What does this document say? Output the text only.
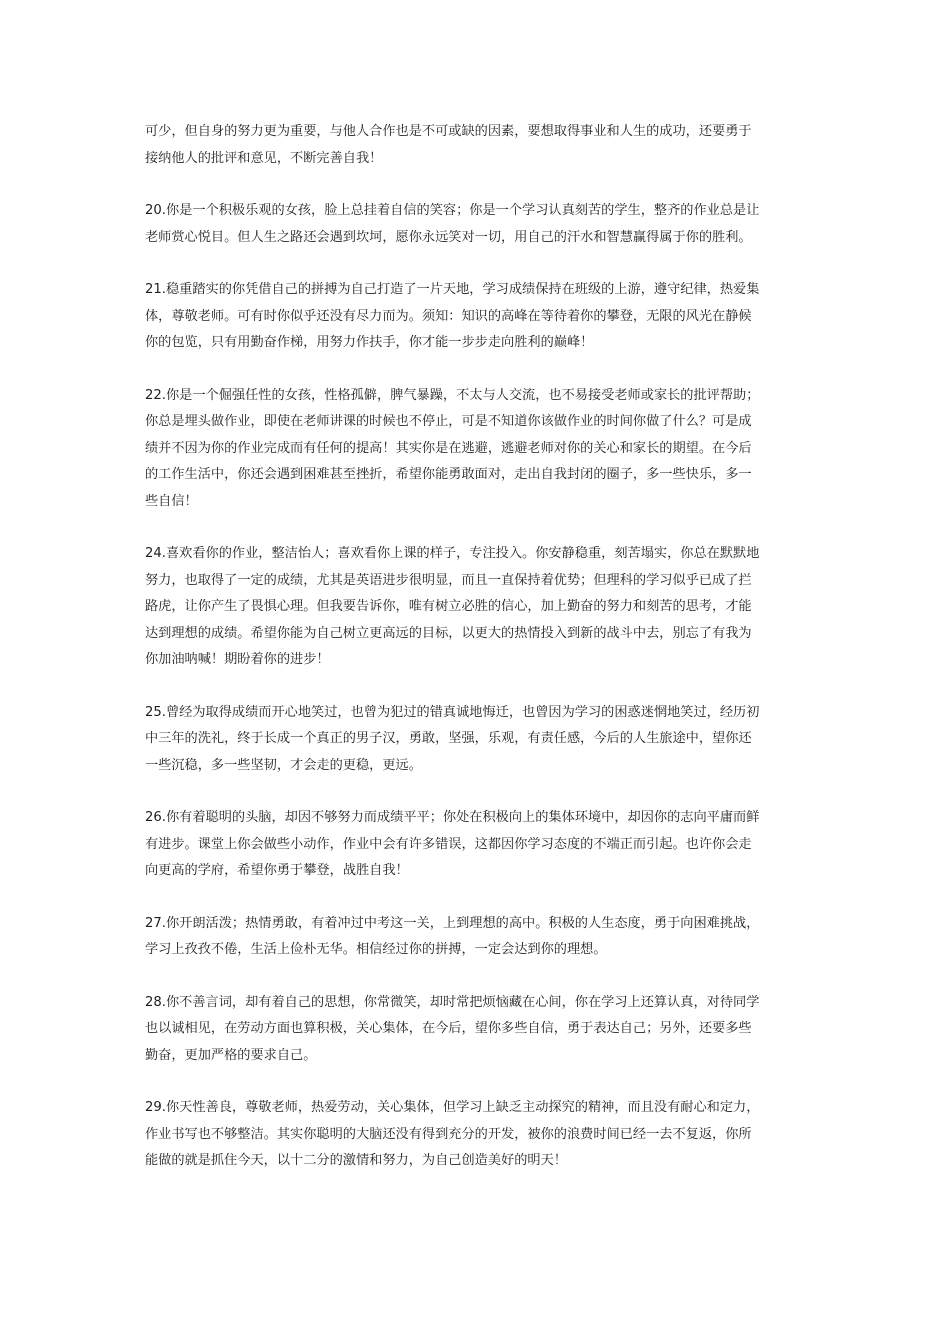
可少，但自身的努力更为重要，与他人合作也是不可或缺的因素，要想取得事业和人生的成功，还要勇于
接纳他人的批评和意见，不断完善自我！
20.你是一个积极乐观的女孩，脸上总挂着自信的笑容；你是一个学习认真刻苦的学生，整齐的作业总是让
老师赏心悦目。但人生之路还会遇到坎坷，愿你永远笑对一切，用自己的汗水和智慧赢得属于你的胜利。
21.稳重踏实的你凭借自己的拼搏为自己打造了一片天地，学习成绩保持在班级的上游，遵守纪律，热爱集
体，尊敬老师。可有时你似乎还没有尽力而为。须知：知识的高峰在等待着你的攀登，无限的风光在静候
你的包览，只有用勤奋作梯，用努力作扶手，你才能一步步走向胜利的巅峰！
22.你是一个倔强任性的女孩，性格孤僻，脾气暴躁，不太与人交流，也不易接受老师或家长的批评帮助；
你总是埋头做作业，即使在老师讲课的时候也不停止，可是不知道你该做作业的时间你做了什么？可是成
绩并不因为你的作业完成而有任何的提高！其实你是在逃避，逃避老师对你的关心和家长的期望。在今后
的工作生活中，你还会遇到困难甚至挫折，希望你能勇敢面对，走出自我封闭的圈子，多一些快乐，多一
些自信！
24.喜欢看你的作业，整洁怡人；喜欢看你上课的样子，专注投入。你安静稳重，刻苦塌实，你总在默默地
努力，也取得了一定的成绩，尤其是英语进步很明显，而且一直保持着优势；但理科的学习似乎已成了拦
路虎，让你产生了畏惧心理。但我要告诉你，唯有树立必胜的信心，加上勤奋的努力和刻苦的思考，才能
达到理想的成绩。希望你能为自己树立更高远的目标，以更大的热情投入到新的战斗中去，别忘了有我为
你加油呐喊！期盼着你的进步！
25.曾经为取得成绩而开心地笑过，也曾为犯过的错真诚地悔迁，也曾因为学习的困惑迷惘地笑过，经历初
中三年的洗礼，终于长成一个真正的男子汉，勇敢，坚强，乐观，有责任感，今后的人生旅途中，望你还
一些沉稳，多一些坚韧，才会走的更稳，更远。
26.你有着聪明的头脑，却因不够努力而成绩平平；你处在积极向上的集体环境中，却因你的志向平庸而鲜
有进步。课堂上你会做些小动作，作业中会有许多错误，这都因你学习态度的不端正而引起。也许你会走
向更高的学府，希望你勇于攀登，战胜自我！
27.你开朗活泼；热情勇敢，有着冲过中考这一关，上到理想的高中。积极的人生态度，勇于向困难挑战，
学习上孜孜不倦，生活上俭朴无华。相信经过你的拼搏，一定会达到你的理想。
28.你不善言词，却有着自己的思想，你常微笑，却时常把烦恼藏在心间，你在学习上还算认真，对待同学
也以诚相见，在劳动方面也算积极，关心集体，在今后，望你多些自信，勇于表达自己；另外，还要多些
勤奋，更加严格的要求自己。
29.你天性善良，尊敬老师，热爱劳动，关心集体，但学习上缺乏主动探究的精神，而且没有耐心和定力，
作业书写也不够整洁。其实你聪明的大脑还没有得到充分的开发，被你的浪费时间已经一去不复返，你所
能做的就是抓住今天，以十二分的激情和努力，为自己创造美好的明天！
